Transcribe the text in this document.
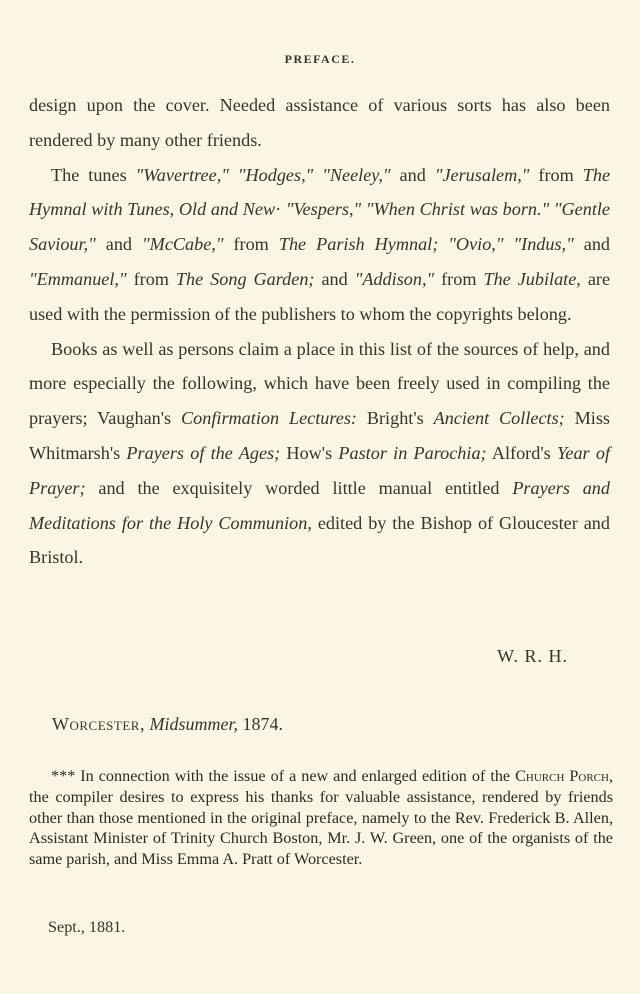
PREFACE.

design upon the cover. Needed assistance of various sorts has also been rendered by many other friends.

The tunes "Wavertree," "Hodges," "Neeley," and "Jerusalem," from The Hymnal with Tunes, Old and New· "Vespers," "When Christ was born." "Gentle Saviour," and "McCabe," from The Parish Hymnal; "Ovio," "Indus," and "Emmanuel," from The Song Garden; and "Addison," from The Jubilate, are used with the permission of the publishers to whom the copyrights belong.

Books as well as persons claim a place in this list of the sources of help, and more especially the following, which have been freely used in compiling the prayers; Vaughan's Confirmation Lectures: Bright's Ancient Collects; Miss Whitmarsh's Prayers of the Ages; How's Pastor in Parochia; Alford's Year of Prayer; and the exquisitely worded little manual entitled Prayers and Meditations for the Holy Communion, edited by the Bishop of Gloucester and Bristol.

W. R. H.
Worcester, Midsummer, 1874.

*** In connection with the issue of a new and enlarged edition of the Church Porch, the compiler desires to express his thanks for valuable assistance, rendered by friends other than those mentioned in the original preface, namely to the Rev. Frederick B. Allen, Assistant Minister of Trinity Church Boston, Mr. J. W. Green, one of the organists of the same parish, and Miss Emma A. Pratt of Worcester.

Sept., 1881.
